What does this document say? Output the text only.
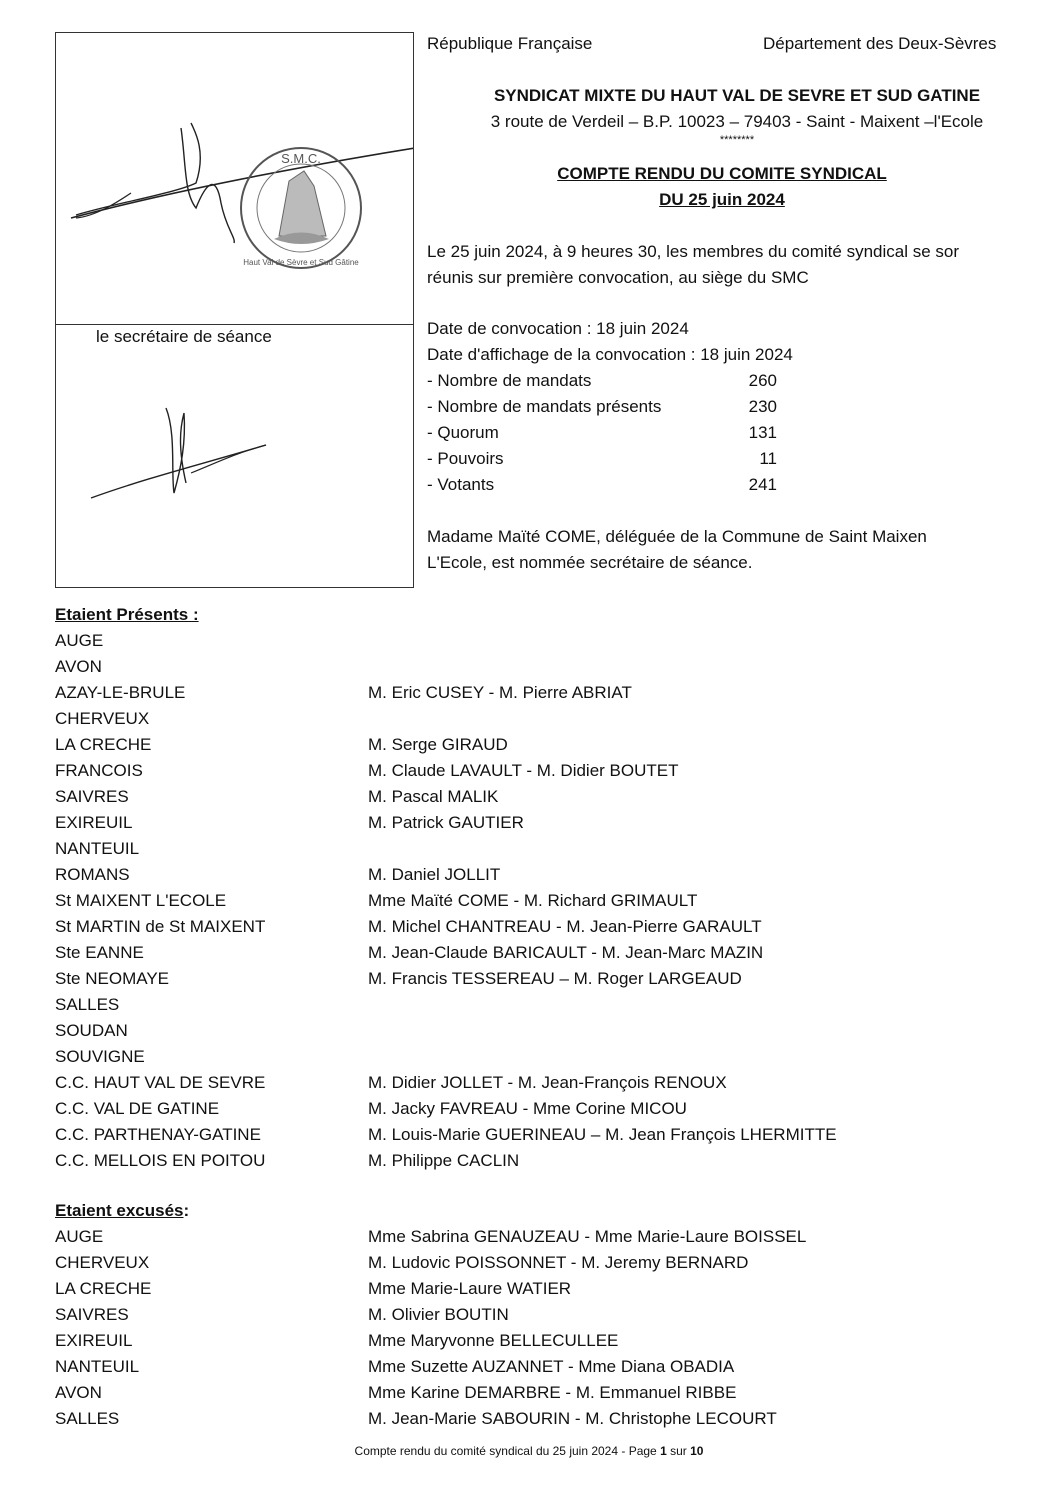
S.M.C.
Haut Val de Sèvre et Sud Gâtine
le secrétaire de séance
République Française	Département des Deux-Sèvres
SYNDICAT MIXTE DU HAUT VAL DE SEVRE ET SUD GATINE
3 route de Verdeil – B.P. 10023 – 79403 - Saint - Maixent –l'Ecole
********
COMPTE RENDU DU COMITE SYNDICAL
DU 25 juin 2024
Le 25 juin 2024, à 9 heures 30, les membres du comité syndical se sor
réunis sur première convocation, au siège du SMC
Date de convocation : 18 juin 2024
Date d'affichage de la convocation : 18 juin 2024
- Nombre de mandats	260
- Nombre de mandats présents	230
- Quorum	131
- Pouvoirs	11
- Votants	241
Madame Maïté COME, déléguée de la Commune de Saint Maixen
L'Ecole, est nommée secrétaire de séance.
Etaient Présents :
AUGE
AVON
AZAY-LE-BRULE	M. Eric CUSEY - M. Pierre ABRIAT
CHERVEUX
LA CRECHE	M. Serge GIRAUD
FRANCOIS	M. Claude LAVAULT - M. Didier BOUTET
SAIVRES	M. Pascal MALIK
EXIREUIL	M. Patrick GAUTIER
NANTEUIL
ROMANS	M. Daniel JOLLIT
St MAIXENT L'ECOLE	Mme Maïté COME - M. Richard GRIMAULT
St MARTIN de St MAIXENT	M. Michel CHANTREAU - M. Jean-Pierre GARAULT
Ste EANNE	M. Jean-Claude BARICAULT - M. Jean-Marc MAZIN
Ste NEOMAYE	M. Francis TESSEREAU – M. Roger LARGEAUD
SALLES
SOUDAN
SOUVIGNE
C.C. HAUT VAL DE SEVRE	M. Didier JOLLET - M. Jean-François RENOUX
C.C. VAL DE GATINE	M. Jacky FAVREAU - Mme Corine MICOU
C.C. PARTHENAY-GATINE	M. Louis-Marie GUERINEAU – M. Jean François LHERMITTE
C.C. MELLOIS EN POITOU	M. Philippe CACLIN
Etaient excusés:
AUGE	Mme Sabrina GENAUZEAU - Mme Marie-Laure BOISSEL
CHERVEUX	M. Ludovic POISSONNET - M. Jeremy BERNARD
LA CRECHE	Mme Marie-Laure WATIER
SAIVRES	M. Olivier BOUTIN
EXIREUIL	Mme Maryvonne BELLECULLEE
NANTEUIL	Mme Suzette AUZANNET - Mme Diana OBADIA
AVON	Mme Karine DEMARBRE - M. Emmanuel RIBBE
SALLES	M. Jean-Marie SABOURIN - M. Christophe LECOURT
Compte rendu du comité syndical du 25 juin 2024 - Page 1 sur 10
